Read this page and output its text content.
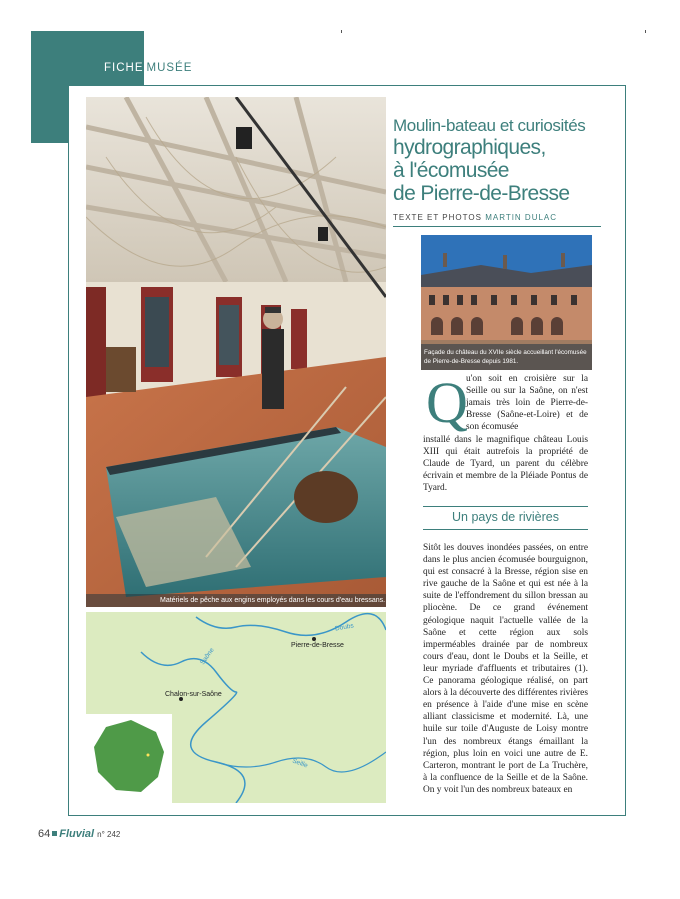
FICHE MUSÉE
Matériels de pêche aux engins employés dans les cours d'eau bressans.
Pierre-de-Bresse
Chalon-sur-Saône
Doubs
Saône
Seille
Moulin-bateau et curiosités
hydrographiques,
à l'écomusée
de Pierre-de-Bresse
TEXTE ET PHOTOS MARTIN DULAC
Façade du château du XVIIe siècle accueillant l'écomusée de Pierre-de-Bresse depuis 1981.
Q
u'on soit en croisière sur la Seille ou sur la Saône, on n'est jamais très loin de Pierre-de-Bresse (Saône-et-Loire) et de son écomusée
installé dans le magnifique château Louis XIII qui était autrefois la propriété de Claude de Tyard, un parent du célèbre écrivain et membre de la Pléiade Pontus de Tyard.
Un pays de rivières
Sitôt les douves inondées passées, on entre dans le plus ancien écomusée bourguignon, qui est consacré à la Bresse, région sise en rive gauche de la Saône et qui est née à la suite de l'effondrement du sillon bressan au pliocène. De ce grand événement géologique naquit l'actuelle vallée de la Saône et cette région aux sols imperméables drainée par de nombreux cours d'eau, dont le Doubs et la Seille, et leur myriade d'affluents et tributaires (1). Ce panorama géologique réalisé, on part alors à la découverte des différentes rivières en présence à l'aide d'une mise en scène alliant classicisme et modernité. Là, une huile sur toile d'Auguste de Loisy montre l'un des nombreux étangs émaillant la région, plus loin en voici une autre de E. Carteron, montrant le port de La Truchère, à la confluence de la Seille et de la Saône. On y voit l'un des nombreux bateaux en
64 Fluvial n° 242
